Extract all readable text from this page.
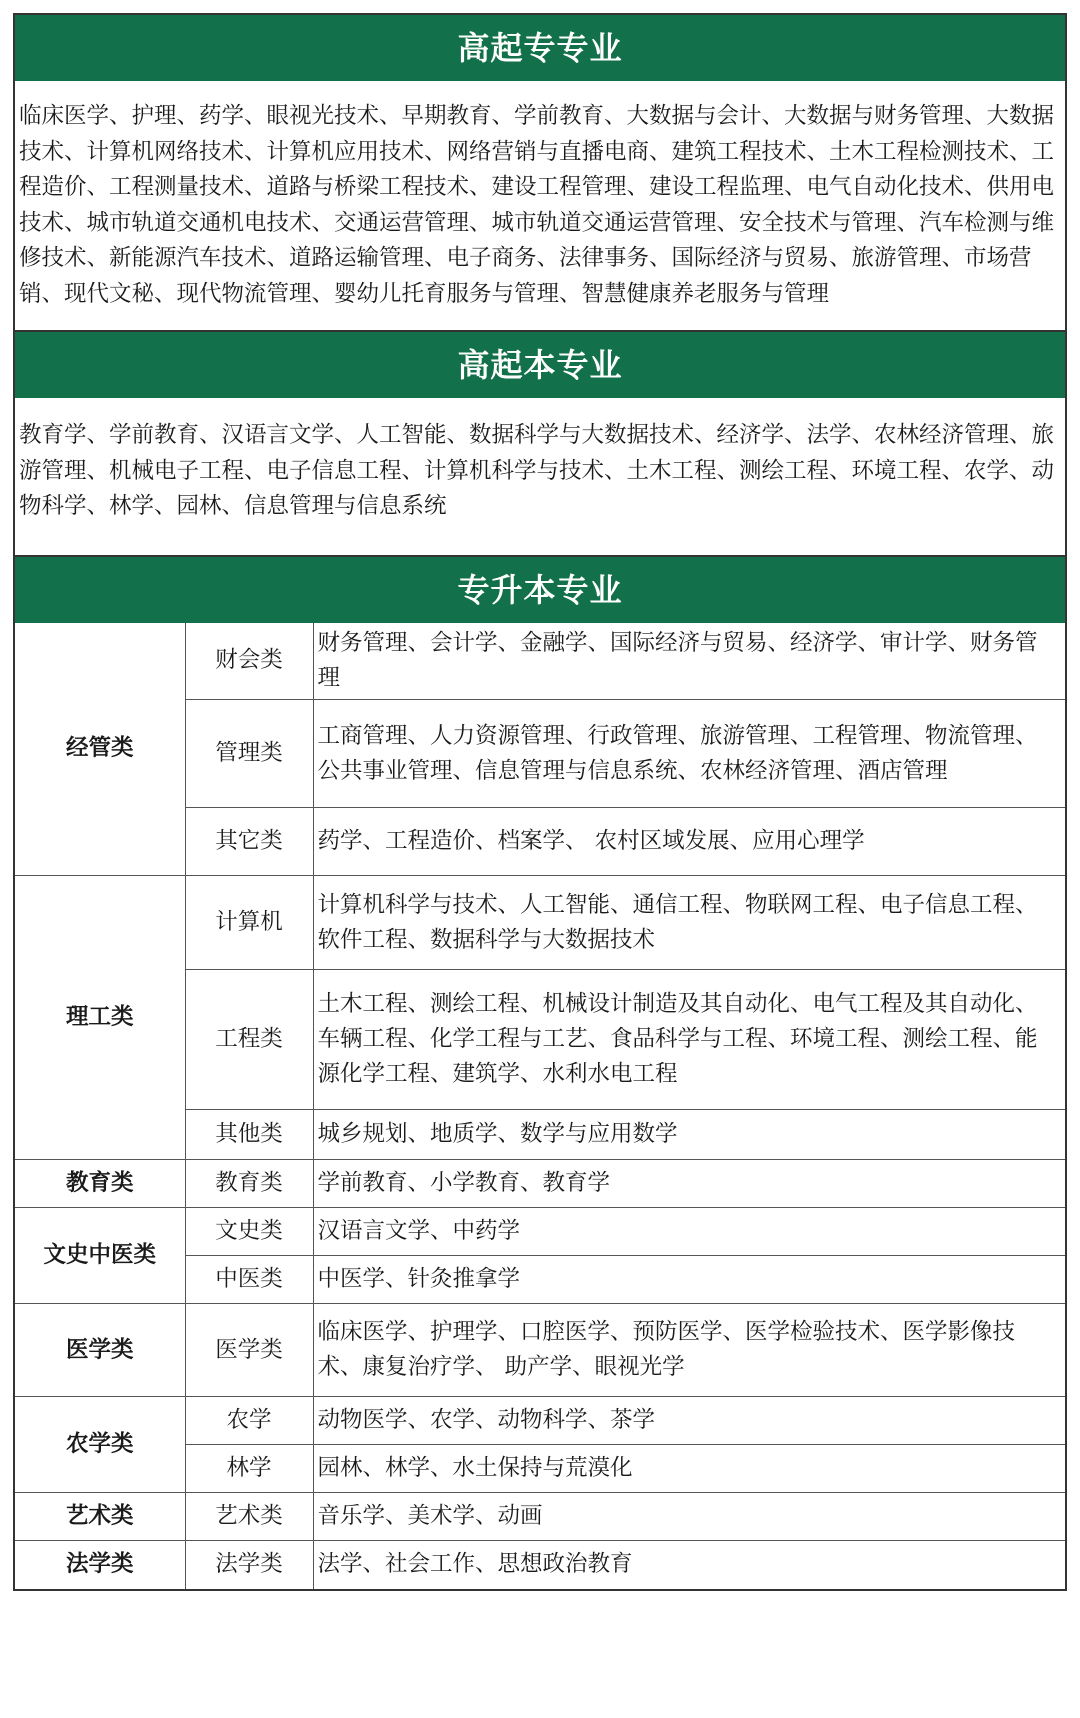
高起专专业
临床医学、护理、药学、眼视光技术、早期教育、学前教育、大数据与会计、大数据与财务管理、大数据技术、计算机网络技术、计算机应用技术、网络营销与直播电商、建筑工程技术、土木工程检测技术、工程造价、工程测量技术、道路与桥梁工程技术、建设工程管理、建设工程监理、电气自动化技术、供用电技术、城市轨道交通机电技术、交通运营管理、城市轨道交通运营管理、安全技术与管理、汽车检测与维修技术、新能源汽车技术、道路运输管理、电子商务、法律事务、国际经济与贸易、旅游管理、市场营销、现代文秘、现代物流管理、婴幼儿托育服务与管理、智慧健康养老服务与管理
高起本专业
教育学、学前教育、汉语言文学、人工智能、数据科学与大数据技术、经济学、法学、农林经济管理、旅游管理、机械电子工程、电子信息工程、计算机科学与技术、土木工程、测绘工程、环境工程、农学、动物科学、林学、园林、信息管理与信息系统
专升本专业
经管类	财会类	财务管理、会计学、金融学、国际经济与贸易、经济学、审计学、财务管理
	管理类	工商管理、人力资源管理、行政管理、旅游管理、工程管理、物流管理、公共事业管理、信息管理与信息系统、农林经济管理、酒店管理
	其它类	药学、工程造价、档案学、 农村区域发展、应用心理学
理工类	计算机	计算机科学与技术、人工智能、通信工程、物联网工程、电子信息工程、软件工程、数据科学与大数据技术
	工程类	土木工程、测绘工程、机械设计制造及其自动化、电气工程及其自动化、车辆工程、化学工程与工艺、食品科学与工程、环境工程、测绘工程、能源化学工程、建筑学、水利水电工程
	其他类	城乡规划、地质学、数学与应用数学
教育类	教育类	学前教育、小学教育、教育学
文史中医类	文史类	汉语言文学、中药学
	中医类	中医学、针灸推拿学
医学类	医学类	临床医学、护理学、口腔医学、预防医学、医学检验技术、医学影像技术、康复治疗学、 助产学、眼视光学
农学类	农学	动物医学、农学、动物科学、茶学
	林学	园林、林学、水土保持与荒漠化
艺术类	艺术类	音乐学、美术学、动画
法学类	法学类	法学、社会工作、思想政治教育
